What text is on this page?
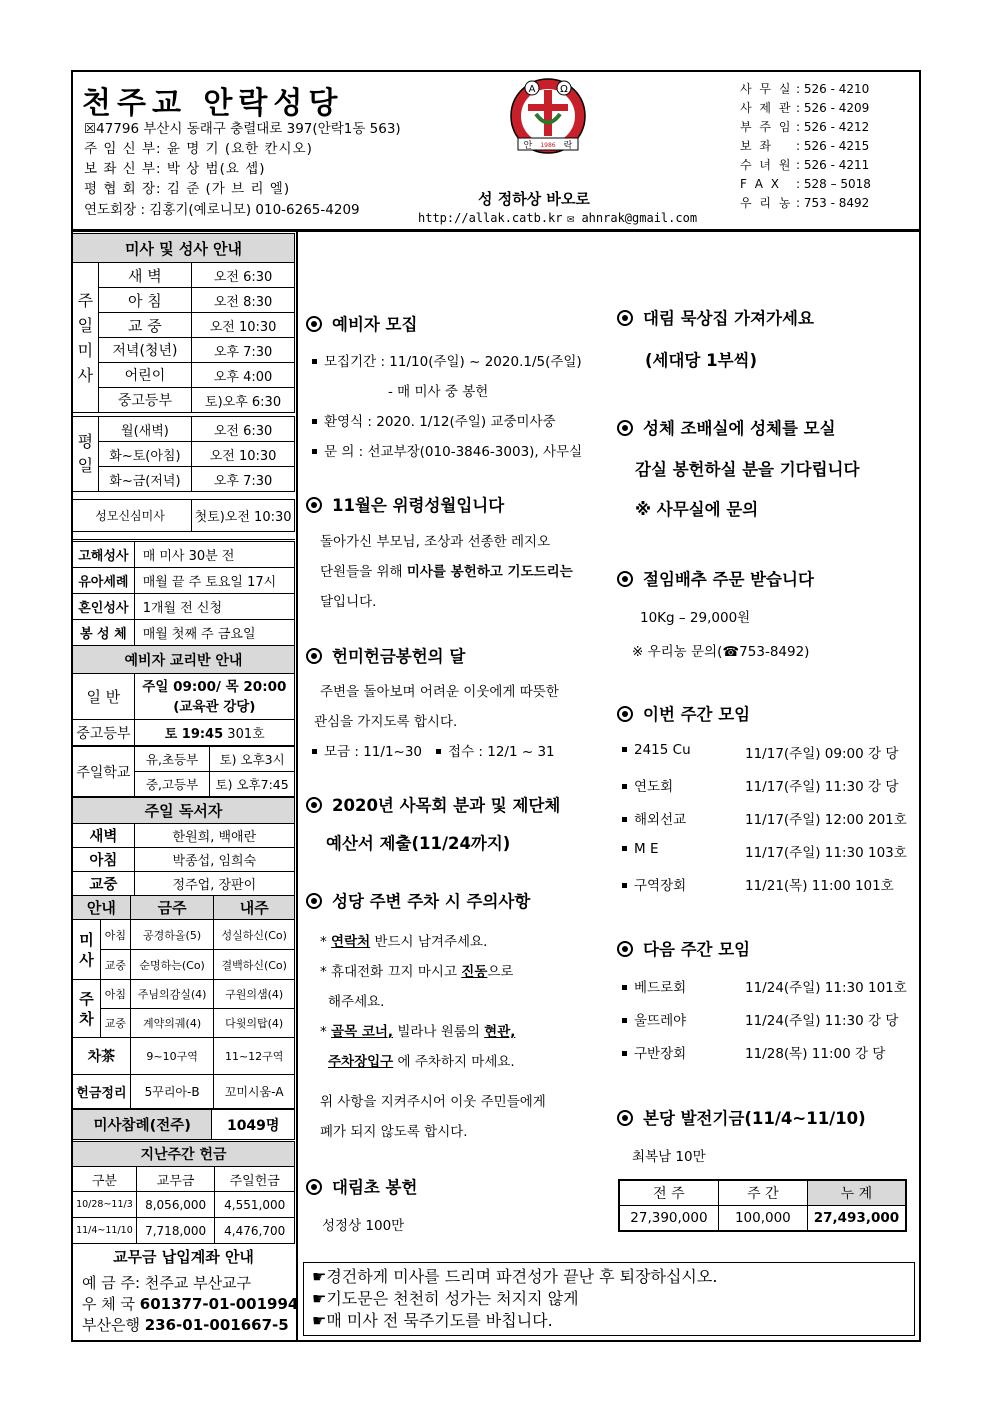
천주교 안락성당
☒47796 부산시 동래구 충렬대로 397(안락1동 563)
주 임 신 부: 윤 명 기 (요한 칸시오)
보 좌 신 부: 박 상 범(요 셉)
평 협 회 장: 김 준 (가 브 리 엘)
연도회장 : 김홍기(예로니모) 010-6265-4209
A Ω
안 1986 락
성 정하상 바오로
http://allak.catb.kr ✉ ahnrak@gmail.com
사 무 실 : 526 - 4210
사 제 관 : 526 - 4209
부 주 임 : 526 - 4212
보 좌 : 526 - 4215
수 녀 원 : 526 - 4211
F A X : 528 – 5018
우 리 농 : 753 - 8492
미사 및 성사 안내		

주
일
미
사	새 벽	오전 6:30
	아 침	오전 8:30
	교 중	오전 10:30
	저녁(청년)	오후 7:30
	어린이	오후 4:00
	중고등부	토)오후 6:30

평
일	월(새벽)	오전 6:30
	화~토(아침)	오전 10:30
	화~금(저녁)	오후 7:30

성모신심미사		첫토)오전 10:30

고해성사	매 미사 30분 전
유아세례	매월 끝 주 토요일 17시
혼인성사	1개월 전 신청
봉 성 체	매월 첫째 주 금요일
예비자 교리반 안내	
일 반	주일 09:00/ 목 20:00
(교육관 강당)

중고등부	토 19:45 301호
주일학교	유,초등부	토) 오후3시
	중,고등부	토) 오후7:45
주일 독서자	
새벽	한원희, 백애란
아침	박종섭, 임희숙
교중	정주업, 장판이
안내		금주	내주

미
사	아침	공경하올(5)	성실하신(Co)
	교중	순명하는(Co)	결백하신(Co)

주
차	아침	주님의감실(4)	구원의샘(4)
	교중	계약의궤(4)	다윗의탑(4)
차茶		9~10구역	11~12구역
헌금정리		5꾸리아-B	꼬미시움-A
미사참례(전주)	1049명
지난주간 헌금		
구분	교무금	주일헌금
10/28~11/3	8,056,000	4,551,000
11/4~11/10	7,718,000	4,476,700
교무금 납입계좌 안내
예 금 주: 천주교 부산교구
우 체 국 601377-01-001994
부산은행 236-01-001667-5
예비자 모집
모집기간 : 11/10(주일) ~ 2020.1/5(주일)
- 매 미사 중 봉헌
환영식 : 2020. 1/12(주일) 교중미사중
문 의 : 선교부장(010-3846-3003), 사무실
11월은 위령성월입니다
돌아가신 부모님, 조상과 선종한 레지오
단원들을 위해 미사를 봉헌하고 기도드리는
달입니다.
헌미헌금봉헌의 달
주변을 돌아보며 어려운 이웃에게 따뜻한
관심을 가지도록 합시다.
모금 : 11/1~30 접수 : 12/1 ~ 31
2020년 사목회 분과 및 제단체
예산서 제출(11/24까지)
성당 주변 주차 시 주의사항
* 연락처 반드시 남겨주세요.
* 휴대전화 끄지 마시고 진동으로
해주세요.
* 골목 코너, 빌라나 원룸의 현관,
주차장입구 에 주차하지 마세요.
위 사항을 지켜주시어 이웃 주민들에게
폐가 되지 않도록 합시다.
대림초 봉헌
성정상 100만
대림 묵상집 가져가세요
(세대당 1부씩)
성체 조배실에 성체를 모실
감실 봉헌하실 분을 기다립니다
※ 사무실에 문의
절임배추 주문 받습니다
10Kg – 29,000원
※ 우리농 문의(☎753-8492)
이번 주간 모임
2415 Cu	11/17(주일) 09:00 강 당
연도회	11/17(주일) 11:30 강 당
해외선교	11/17(주일) 12:00 201호
M E	11/17(주일) 11:30 103호
구역장회	11/21(목) 11:00 101호
다음 주간 모임
베드로회	11/24(주일) 11:30 101호
울뜨레야	11/24(주일) 11:30 강 당
구반장회	11/28(목) 11:00 강 당
본당 발전기금(11/4~11/10)
최복남 10만
전 주	주 간	누 계
27,390,000	100,000	27,493,000
☛경건하게 미사를 드리며 파견성가 끝난 후 퇴장하십시오.
☛기도문은 천천히 성가는 처지지 않게
☛매 미사 전 묵주기도를 바칩니다.
